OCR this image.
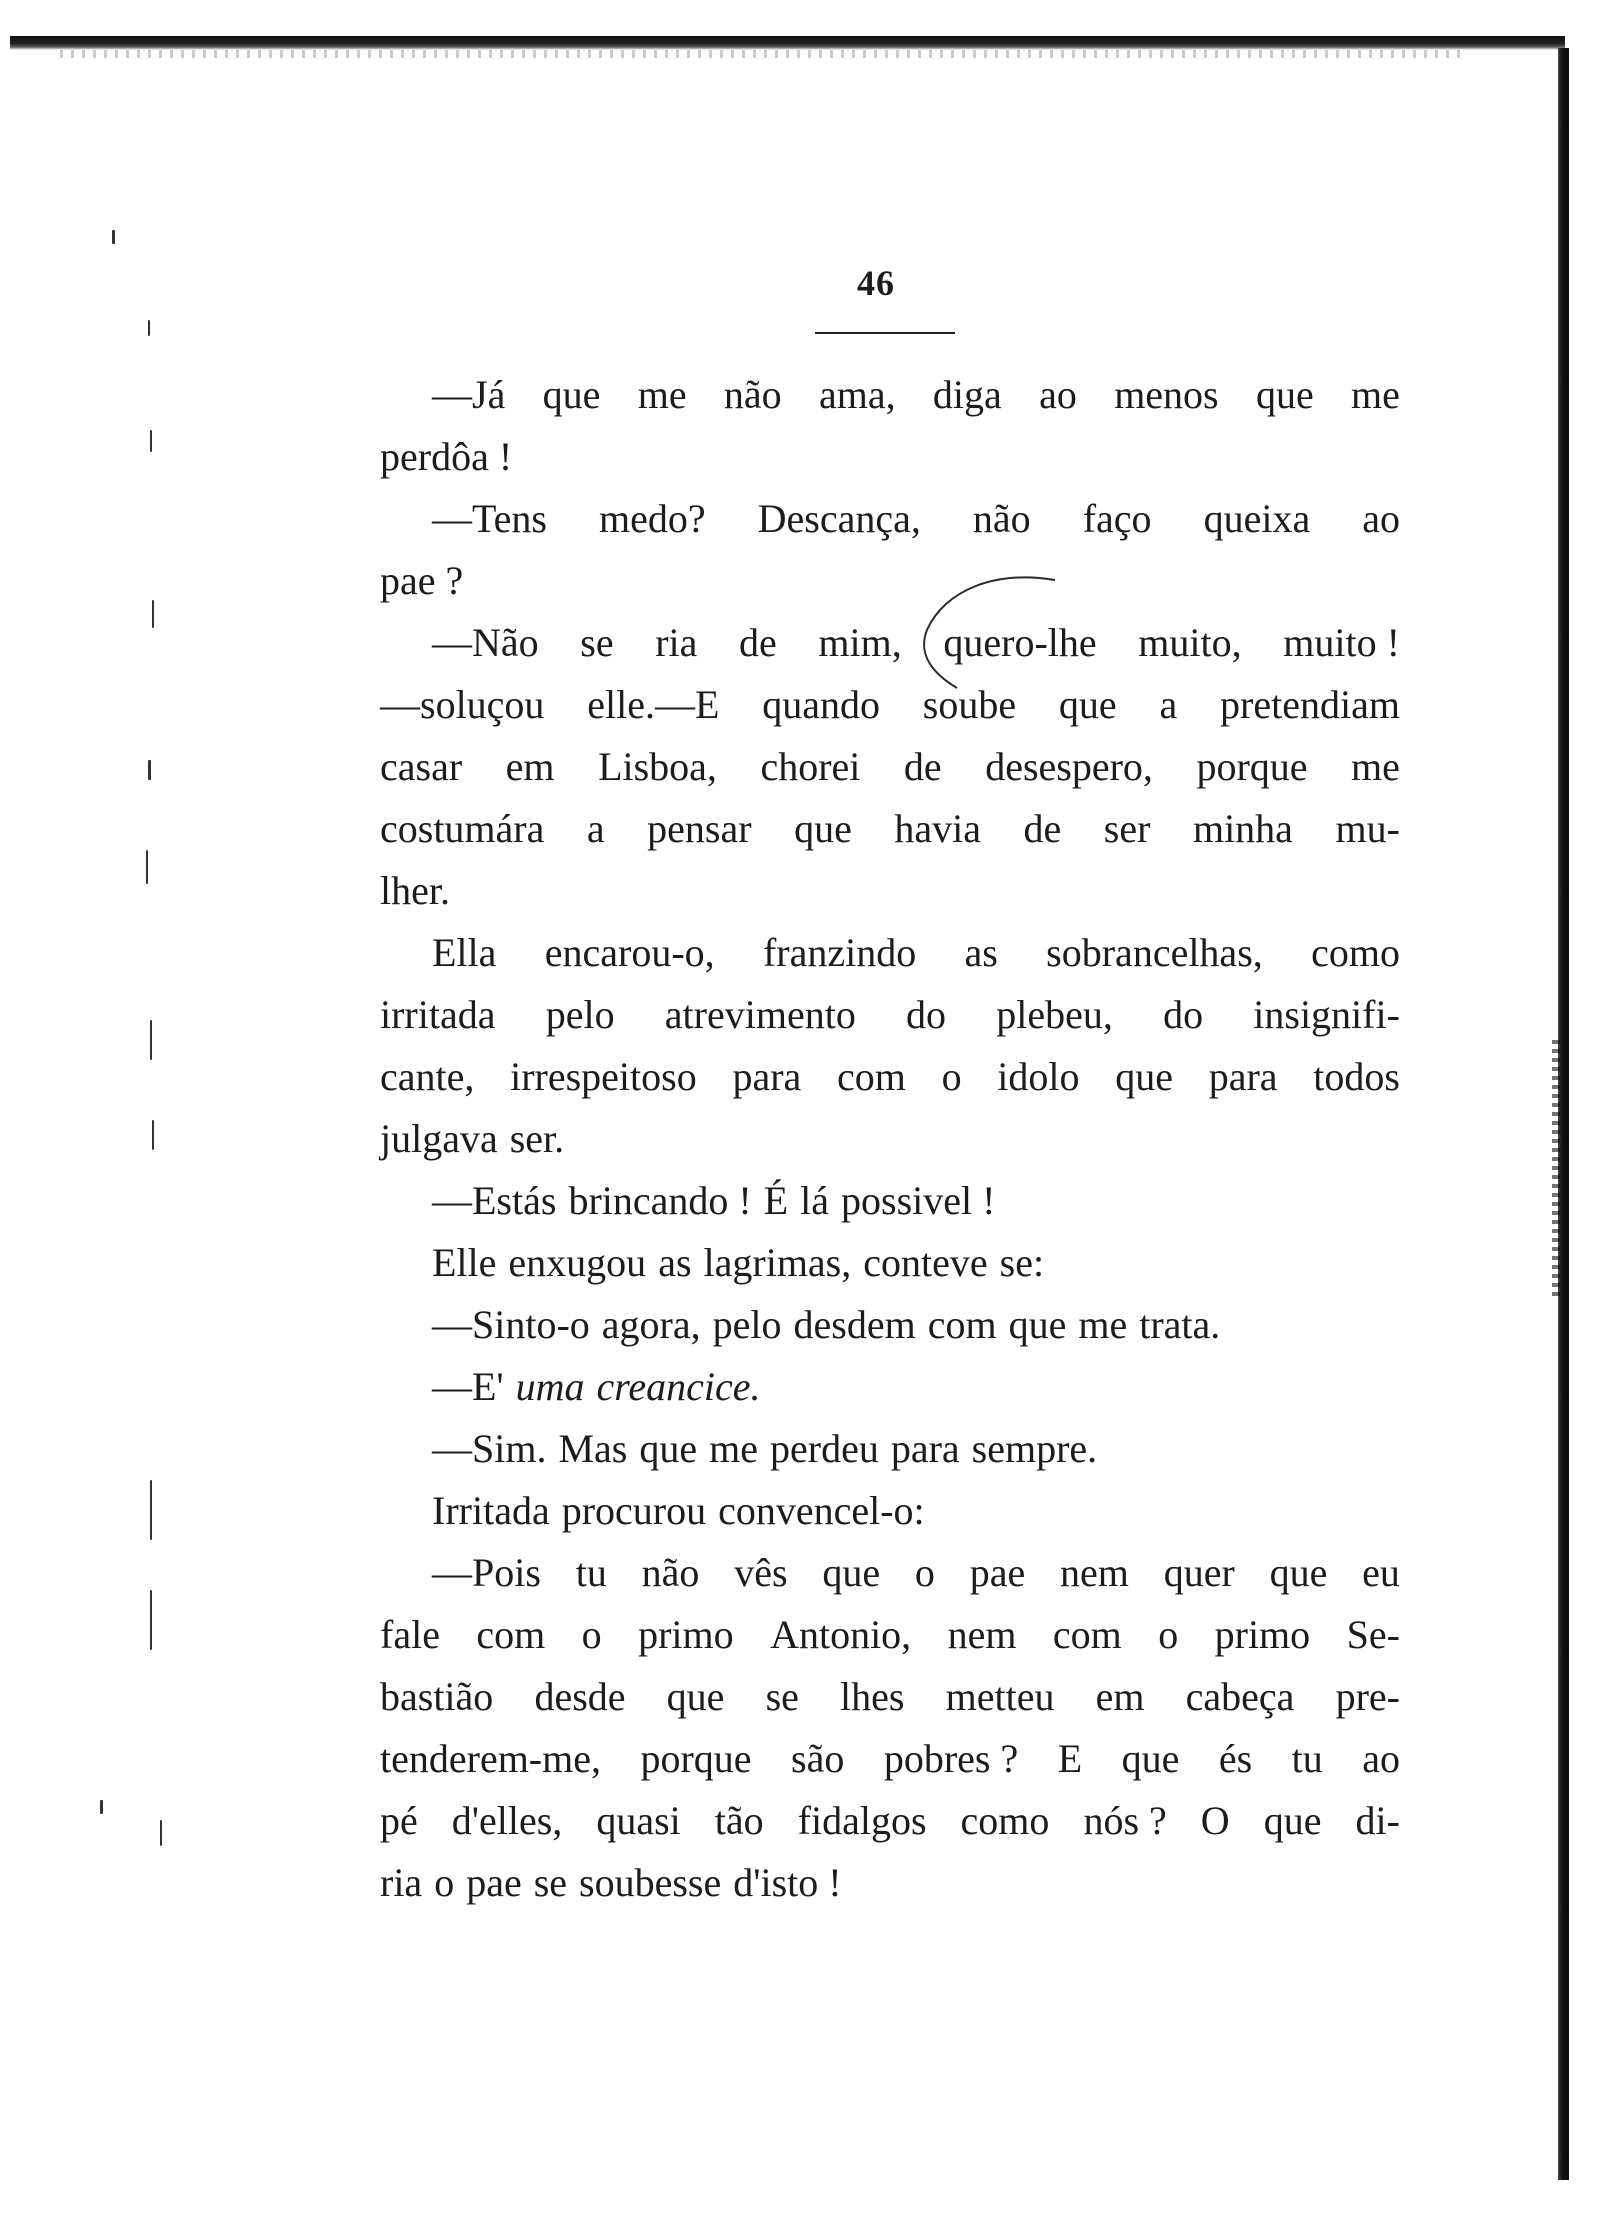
46
—Já que me não ama, diga ao menos que me
perdôa !
—Tens medo? Descança, não faço queixa ao
pae ?
—Não se ria de mim, quero-lhe muito, muito !
—soluçou elle.—E quando soube que a pretendiam
casar em Lisboa, chorei de desespero, porque me
costumára a pensar que havia de ser minha mu-
lher.
Ella encarou-o, franzindo as sobrancelhas, como
irritada pelo atrevimento do plebeu, do insignifi-
cante, irrespeitoso para com o idolo que para todos
julgava ser.
—Estás brincando ! É lá possivel !
Elle enxugou as lagrimas, conteve se:
—Sinto-o agora, pelo desdem com que me trata.
—E' uma creancice.
—Sim. Mas que me perdeu para sempre.
Irritada procurou convencel-o:
—Pois tu não vês que o pae nem quer que eu
fale com o primo Antonio, nem com o primo Se-
bastião desde que se lhes metteu em cabeça pre-
tenderem-me, porque são pobres ? E que és tu ao
pé d'elles, quasi tão fidalgos como nós ? O que di-
ria o pae se soubesse d'isto !
